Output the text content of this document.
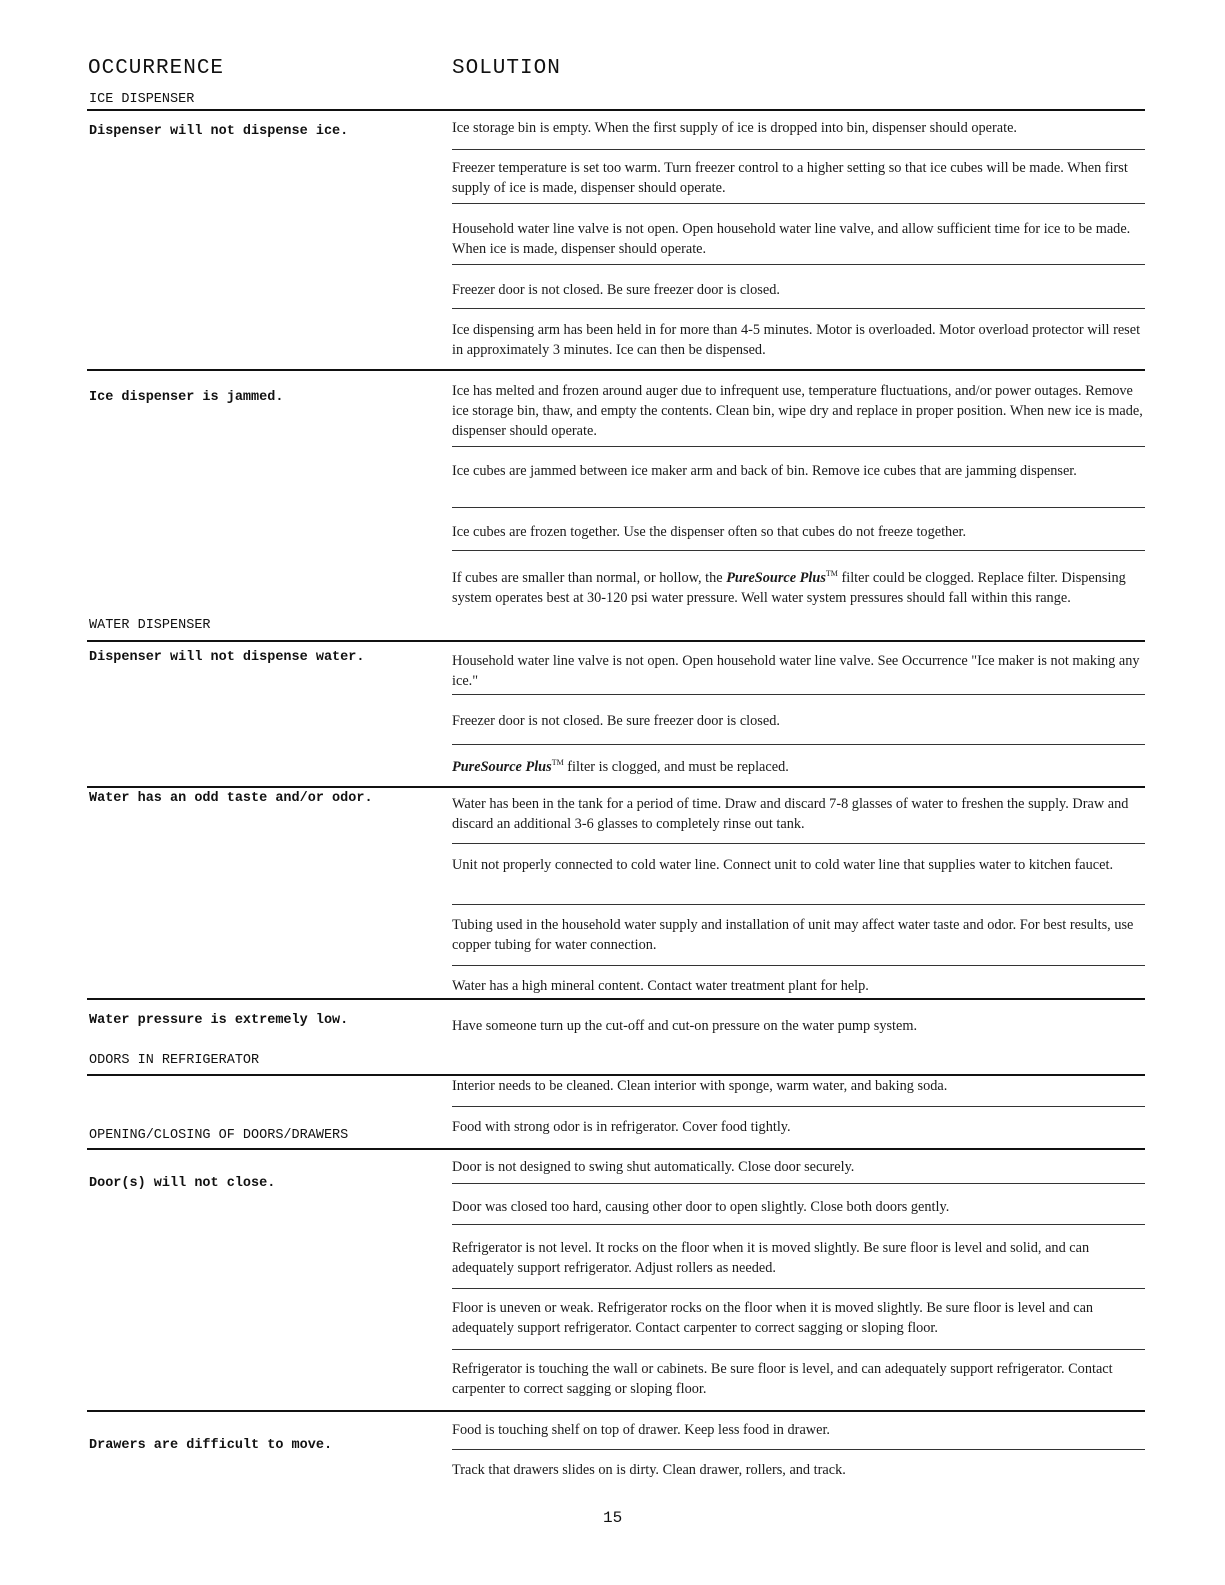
OCCURRENCE	SOLUTION
ICE DISPENSER
Dispenser will not dispense ice.	Ice storage bin is empty. When the first supply of ice is dropped into bin, dispenser should operate.
Freezer temperature is set too warm. Turn freezer control to a higher setting so that ice cubes will be made. When first supply of ice is made, dispenser should operate.
Household water line valve is not open. Open household water line valve, and allow sufficient time for ice to be made. When ice is made, dispenser should operate.
Freezer door is not closed. Be sure freezer door is closed.
Ice dispensing arm has been held in for more than 4-5 minutes. Motor is overloaded. Motor overload protector will reset in approximately 3 minutes. Ice can then be dispensed.
Ice dispenser is jammed.	Ice has melted and frozen around auger due to infrequent use, temperature fluctuations, and/or power outages. Remove ice storage bin, thaw, and empty the contents. Clean bin, wipe dry and replace in proper position. When new ice is made, dispenser should operate.
Ice cubes are jammed between ice maker arm and back of bin. Remove ice cubes that are jamming dispenser.
Ice cubes are frozen together. Use the dispenser often so that cubes do not freeze together.
If cubes are smaller than normal, or hollow, the PureSource Plus™ filter could be clogged. Replace filter. Dispensing system operates best at 30-120 psi water pressure. Well water system pressures should fall within this range.
WATER DISPENSER
Dispenser will not dispense water.	Household water line valve is not open. Open household water line valve. See Occurrence "Ice maker is not making any ice."
Freezer door is not closed. Be sure freezer door is closed.
PureSource Plus™ filter is clogged, and must be replaced.
Water has an odd taste and/or odor.	Water has been in the tank for a period of time. Draw and discard 7-8 glasses of water to freshen the supply. Draw and discard an additional 3-6 glasses to completely rinse out tank.
Unit not properly connected to cold water line. Connect unit to cold water line that supplies water to kitchen faucet.
Tubing used in the household water supply and installation of unit may affect water taste and odor. For best results, use copper tubing for water connection.
Water has a high mineral content. Contact water treatment plant for help.
Water pressure is extremely low.	Have someone turn up the cut-off and cut-on pressure on the water pump system.
ODORS IN REFRIGERATOR
Interior needs to be cleaned. Clean interior with sponge, warm water, and baking soda.
Food with strong odor is in refrigerator. Cover food tightly.
OPENING/CLOSING OF DOORS/DRAWERS
Door(s) will not close.
Door is not designed to swing shut automatically. Close door securely.
Door was closed too hard, causing other door to open slightly. Close both doors gently.
Refrigerator is not level. It rocks on the floor when it is moved slightly. Be sure floor is level and solid, and can adequately support refrigerator. Adjust rollers as needed.
Floor is uneven or weak. Refrigerator rocks on the floor when it is moved slightly. Be sure floor is level and can adequately support refrigerator. Contact carpenter to correct sagging or sloping floor.
Refrigerator is touching the wall or cabinets. Be sure floor is level, and can adequately support refrigerator. Contact carpenter to correct sagging or sloping floor.
Drawers are difficult to move.
Food is touching shelf on top of drawer. Keep less food in drawer.
Track that drawers slides on is dirty. Clean drawer, rollers, and track.
15
